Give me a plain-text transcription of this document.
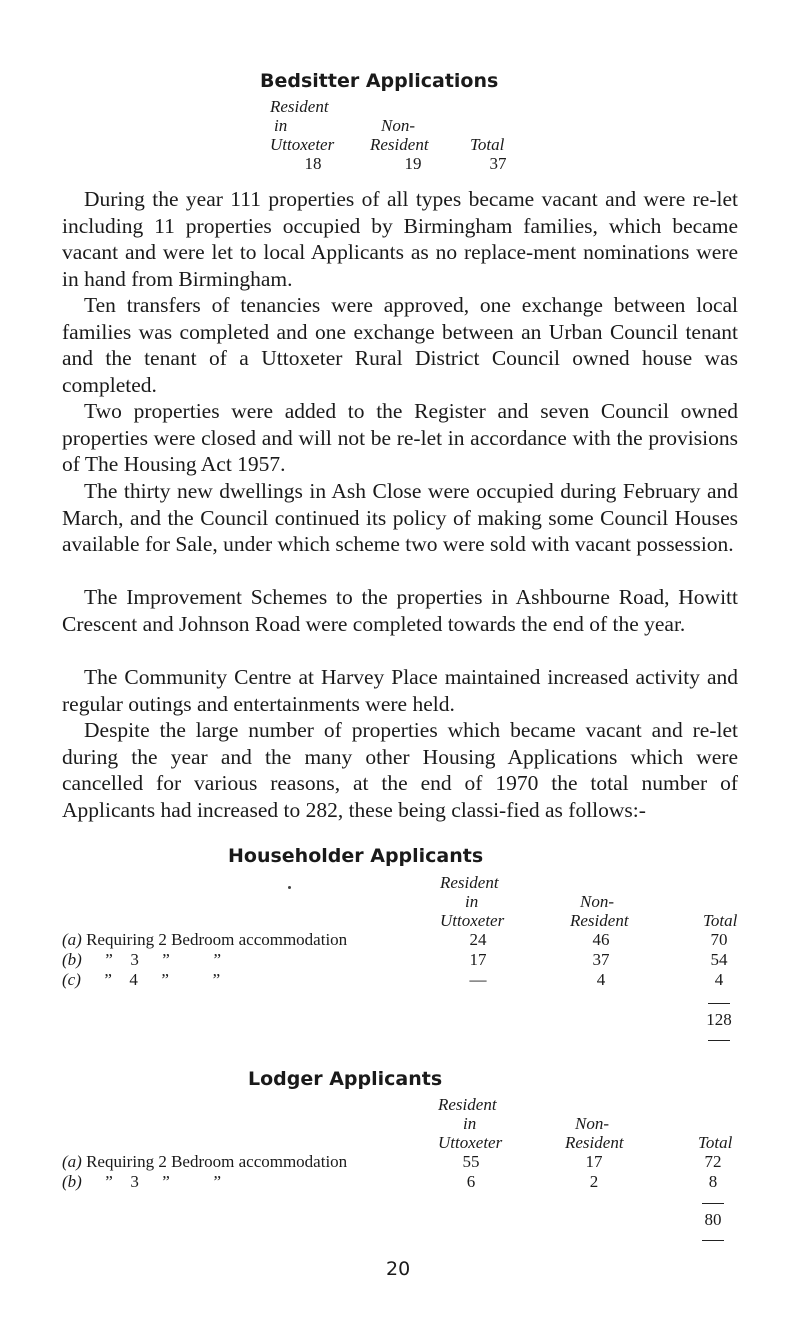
Bedsitter Applications
Resident
in	Non-
Uttoxeter Resident Total
18	19	37

During the year 111 properties of all types became vacant and were re-let including 11 properties occupied by Birmingham families, which became vacant and were let to local Applicants as no replace-ment nominations were in hand from Birmingham.

Ten transfers of tenancies were approved, one exchange between local families was completed and one exchange between an Urban Council tenant and the tenant of a Uttoxeter Rural District Council owned house was completed.

Two properties were added to the Register and seven Council owned properties were closed and will not be re-let in accordance with the provisions of The Housing Act 1957.

The thirty new dwellings in Ash Close were occupied during February and March, and the Council continued its policy of making some Council Houses available for Sale, under which scheme two were sold with vacant possession.

The Improvement Schemes to the properties in Ashbourne Road, Howitt Crescent and Johnson Road were completed towards the end of the year.

The Community Centre at Harvey Place maintained increased activity and regular outings and entertainments were held.

Despite the large number of properties which became vacant and re-let during the year and the many other Housing Applications which were cancelled for various reasons, at the end of 1970 the total number of Applicants had increased to 282, these being classi-fied as follows:-

Householder Applicants
Resident
in	Non-
Uttoxeter	Resident	Total
(a) Requiring 2 Bedroom accommodation	24	46	70
(b) ” 3 ”	”	17	37	54
(c) ” 4 ”	”	—	4	4
128
Lodger Applicants
Resident
in	Non-
Uttoxeter	Resident	Total
(a) Requiring 2 Bedroom accommodation	55	17	72
(b) ” 3 ”	”	6	2	8
80
20
